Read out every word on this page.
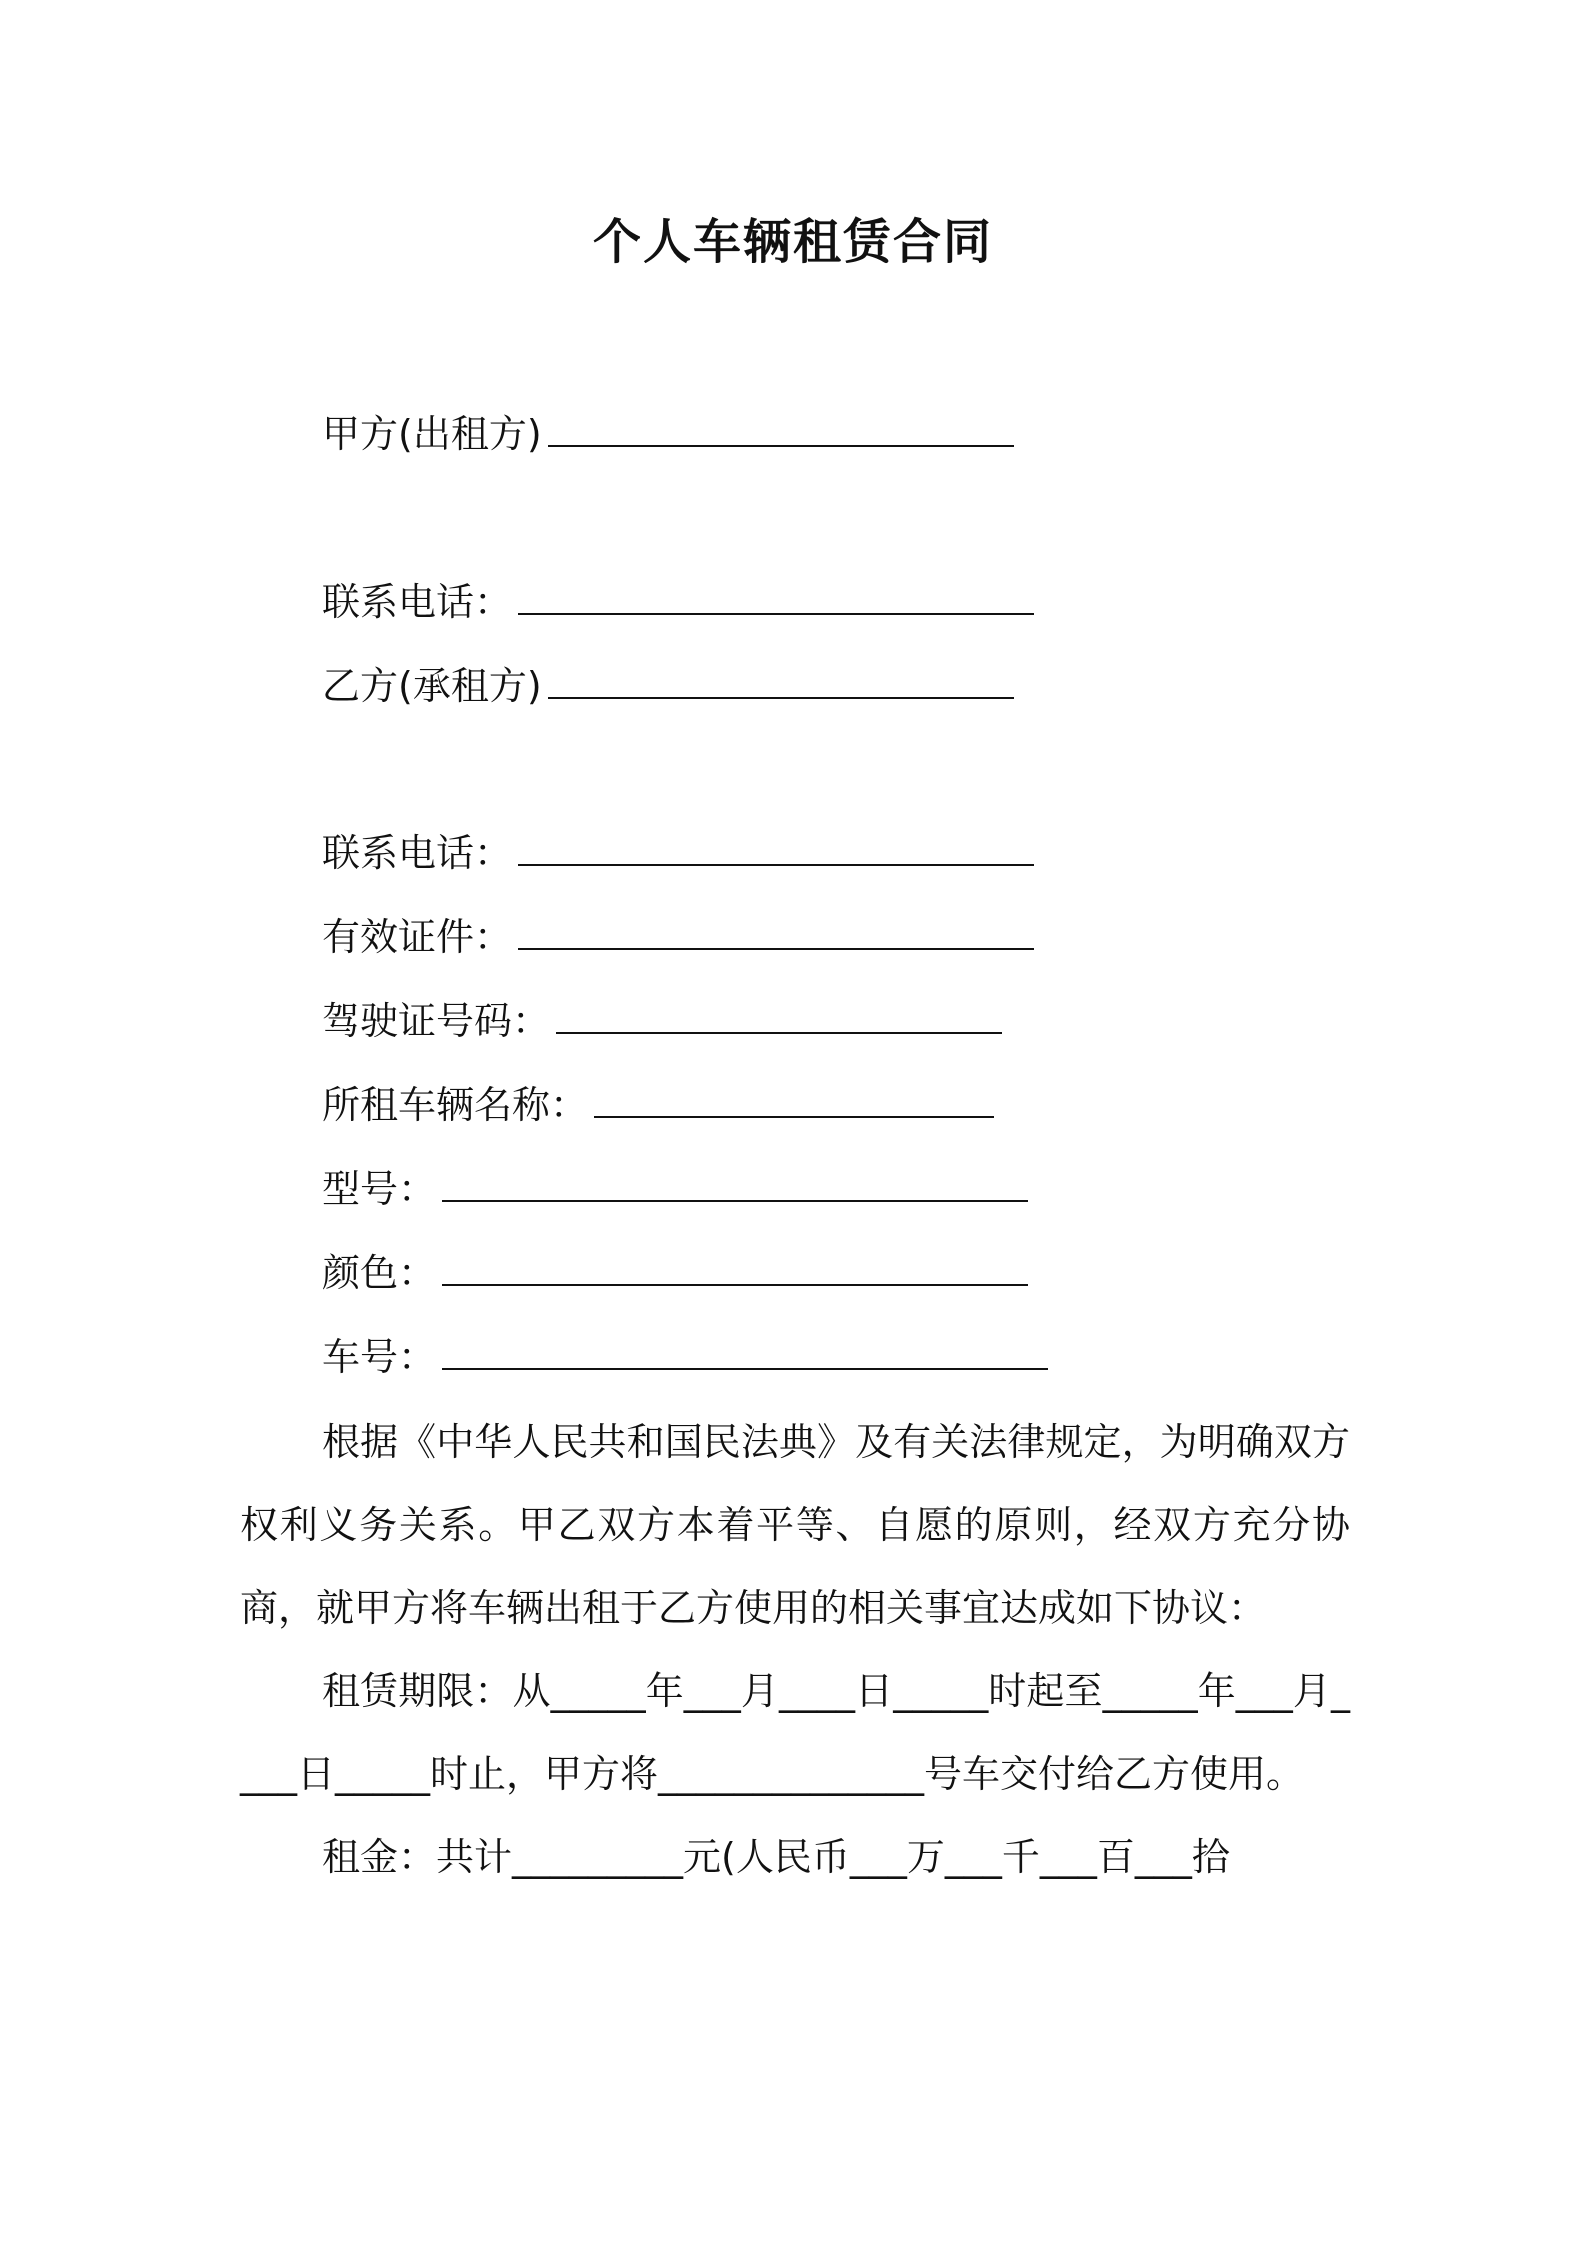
个人车辆租赁合同
甲方(出租方)
联系电话：
乙方(承租方)
联系电话：
有效证件：
驾驶证号码：
所租车辆名称：
型号：
颜色：
车号：

根据《中华人民共和国民法典》及有关法律规定，为明确双方权利义务关系。甲乙双方本着平等、自愿的原则，经双方充分协商，就甲方将车辆出租于乙方使用的相关事宜达成如下协议：

租赁期限：从_____年___月____日_____时起至_____年___月____日_____时止，甲方将______________号车交付给乙方使用。

租金：共计_________元(人民币___万___千___百___拾
